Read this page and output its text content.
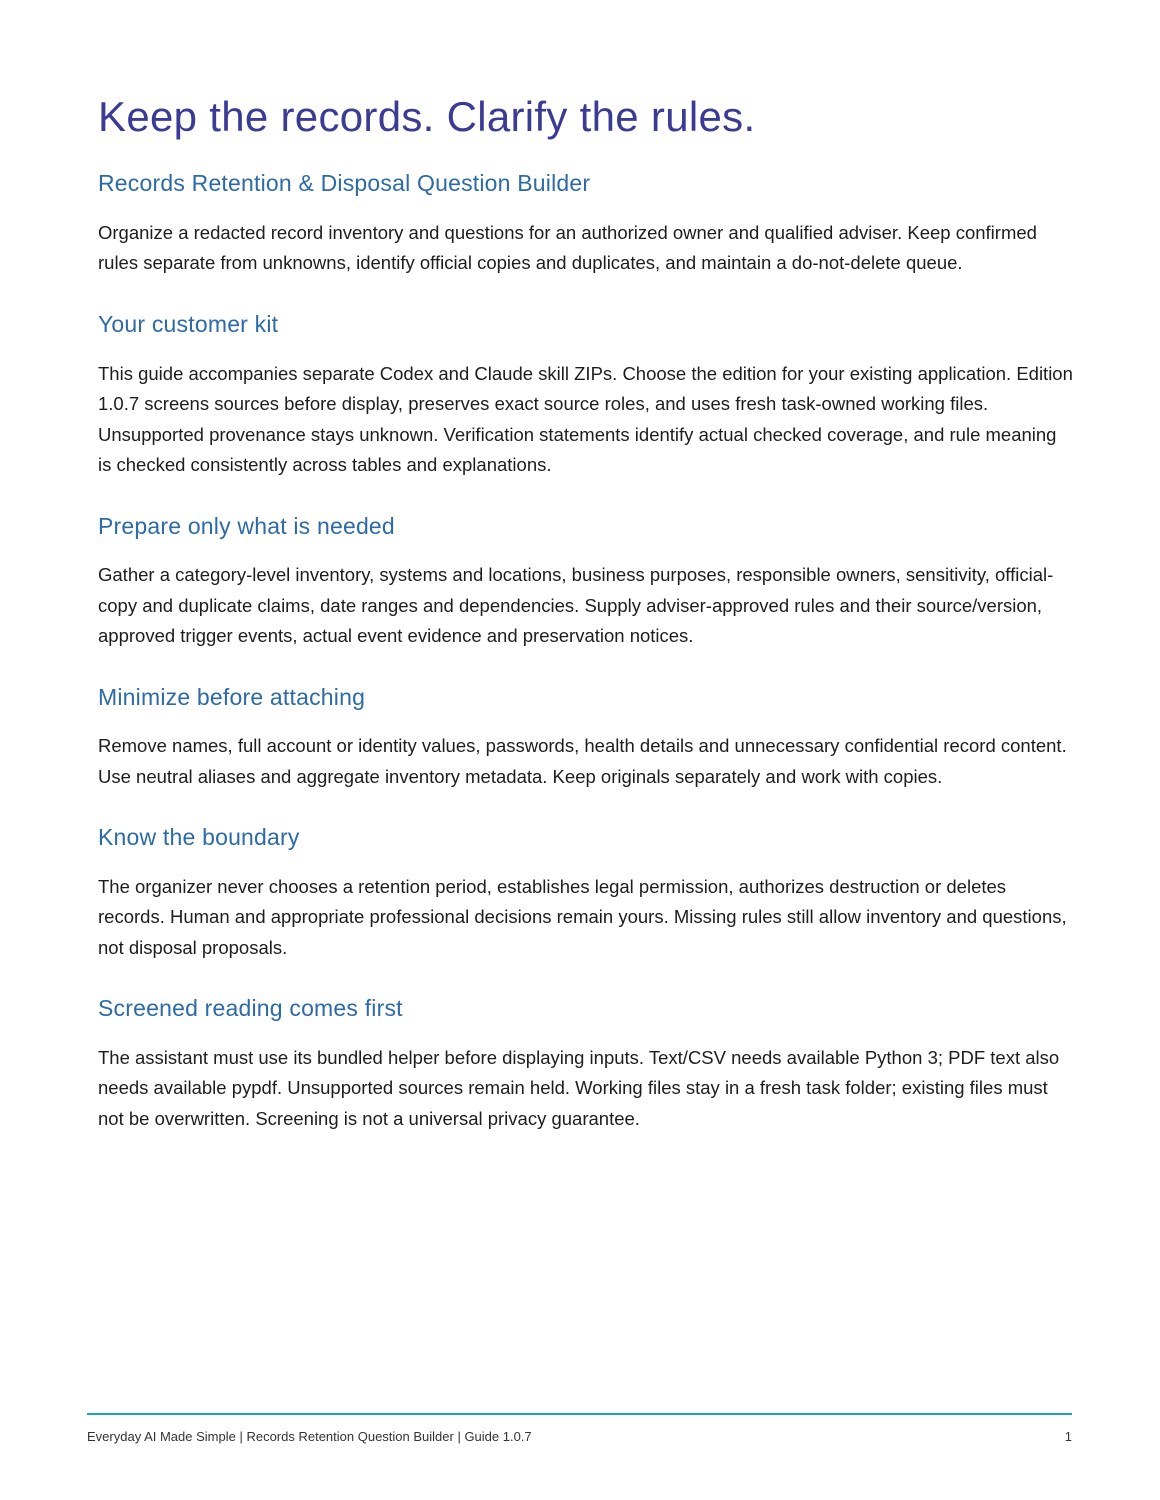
Keep the records. Clarify the rules.
Records Retention & Disposal Question Builder

Organize a redacted record inventory and questions for an authorized owner and qualified adviser. Keep confirmed rules separate from unknowns, identify official copies and duplicates, and maintain a do-not-delete queue.

Your customer kit

This guide accompanies separate Codex and Claude skill ZIPs. Choose the edition for your existing application. Edition 1.0.7 screens sources before display, preserves exact source roles, and uses fresh task-owned working files. Unsupported provenance stays unknown. Verification statements identify actual checked coverage, and rule meaning is checked consistently across tables and explanations.

Prepare only what is needed

Gather a category-level inventory, systems and locations, business purposes, responsible owners, sensitivity, official-copy and duplicate claims, date ranges and dependencies. Supply adviser-approved rules and their source/version, approved trigger events, actual event evidence and preservation notices.

Minimize before attaching

Remove names, full account or identity values, passwords, health details and unnecessary confidential record content. Use neutral aliases and aggregate inventory metadata. Keep originals separately and work with copies.

Know the boundary

The organizer never chooses a retention period, establishes legal permission, authorizes destruction or deletes records. Human and appropriate professional decisions remain yours. Missing rules still allow inventory and questions, not disposal proposals.

Screened reading comes first

The assistant must use its bundled helper before displaying inputs. Text/CSV needs available Python 3; PDF text also needs available pypdf. Unsupported sources remain held. Working files stay in a fresh task folder; existing files must not be overwritten. Screening is not a universal privacy guarantee.

Everyday AI Made Simple | Records Retention Question Builder | Guide 1.0.7	1
